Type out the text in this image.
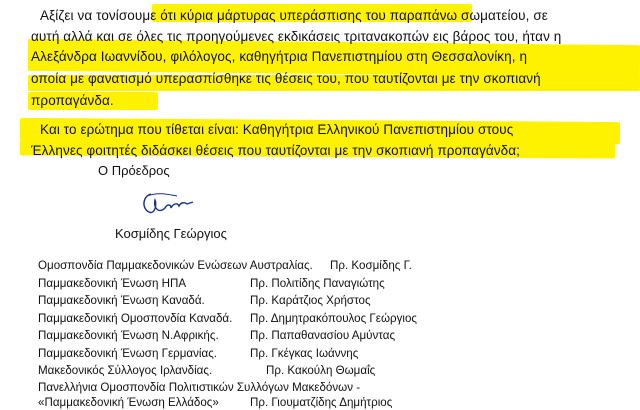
Αξίζει να τονίσουμε ότι κύρια μάρτυρας υπεράσπισης του παραπάνω σωματείου, σε
αυτή αλλά και σε όλες τις προηγούμενες εκδικάσεις τριτανακοπών εις βάρος του, ήταν η
Αλεξάνδρα Ιωαννίδου, φιλόλογος, καθηγήτρια Πανεπιστημίου στη Θεσσαλονίκη, η
οποία με φανατισμό υπερασπίσθηκε τις θέσεις του, που ταυτίζονται με την σκοπιανή
προπαγάνδα.
Και το ερώτημα που τίθεται είναι: Καθηγήτρια Ελληνικού Πανεπιστημίου στους
Έλληνες φοιτητές διδάσκει θέσεις που ταυτίζονται με την σκοπιανή προπαγάνδα;
Ο Πρόεδρος
Κοσμίδης Γεώργιος
Ομοσπονδία Παμμακεδονικών Ενώσεων Αυστραλίας. Πρ. Κοσμίδης Γ.
Παμμακεδονική Ένωση ΗΠΑ	Πρ. Πολιτίδης Παναγιώτης
Παμμακεδονική Ένωση Καναδά.	Πρ. Καράτζιος Χρήστος
Παμμακεδονική Ομοσπονδία Καναδά. Πρ. Δημητρακόπουλος Γεώργιος
Παμμακεδονική Ένωση Ν.Αφρικής.	Πρ. Παπαθανασίου Αμύντας
Παμμακεδονική Ένωση Γερμανίας.	Πρ. Γκέγκας Ιωάννης
Μακεδονικός Σύλλογος Ιρλανδίας.	Πρ. Κακούλη Θωμαΐς
Πανελλήνια Ομοσπονδία Πολιτιστικών Συλλόγων Μακεδόνων -
«Παμμακεδονική Ένωση Ελλάδος»	Πρ. Γιουματζίδης Δημήτριος
